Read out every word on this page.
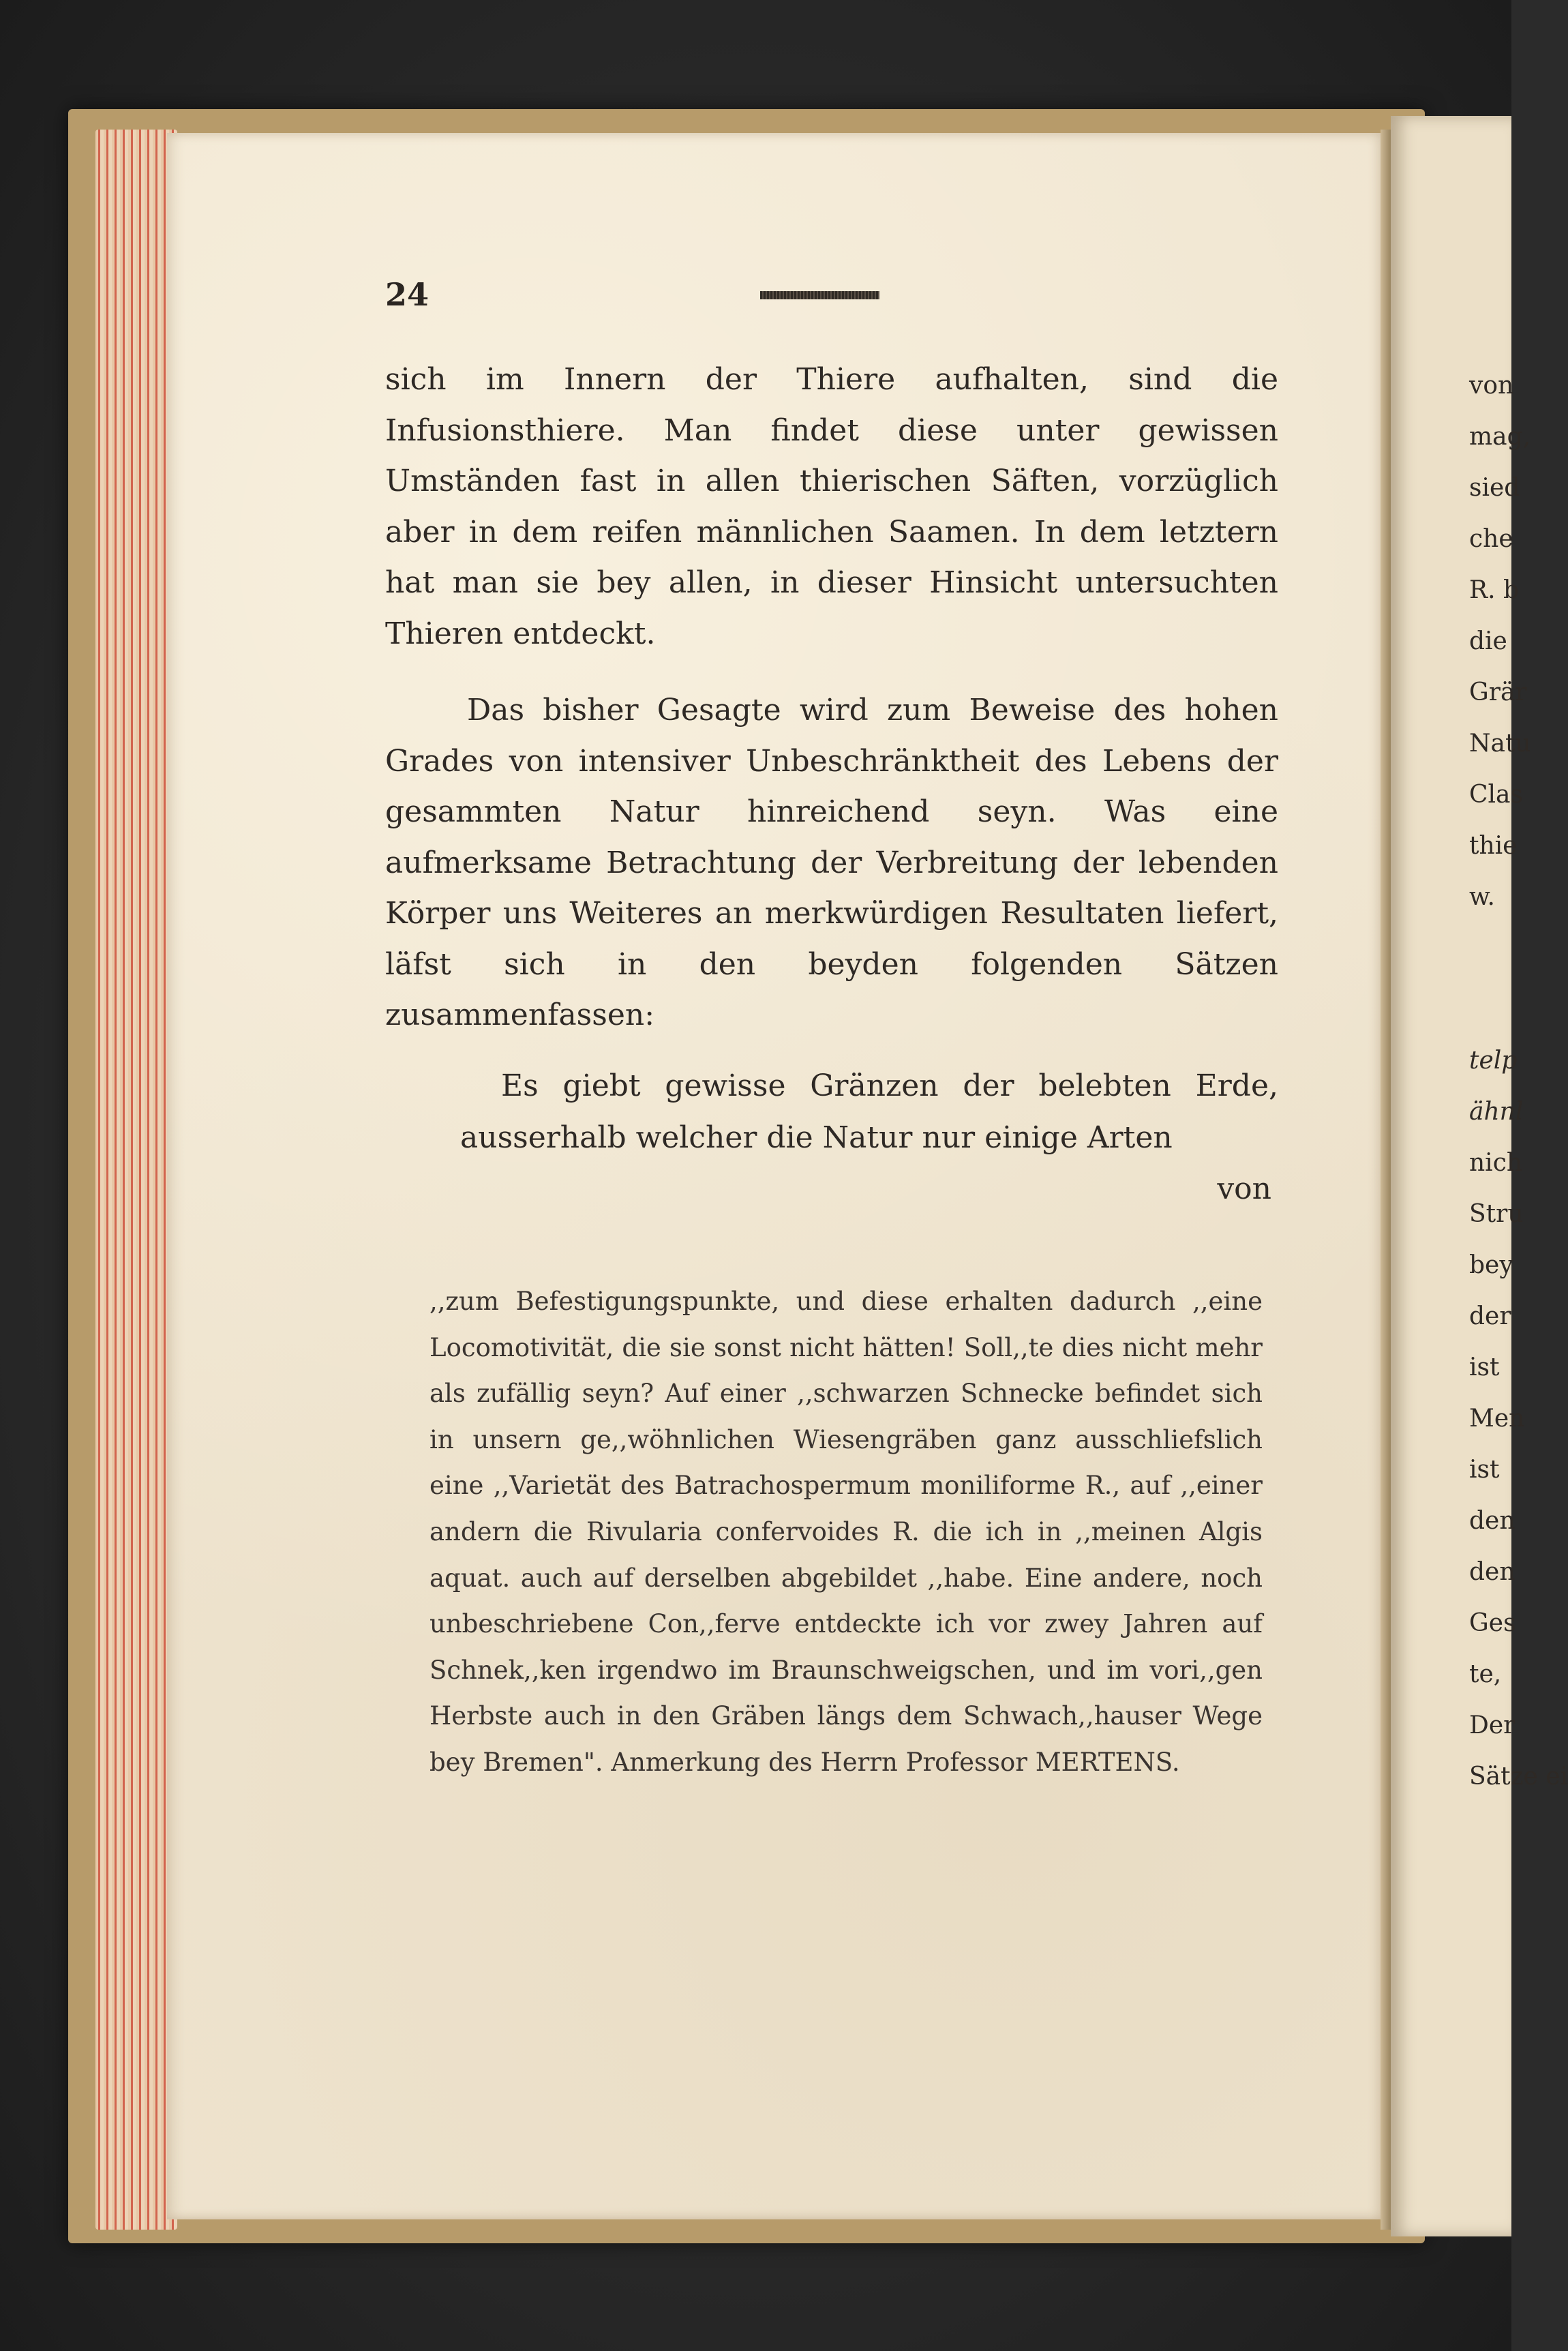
von
mag,
sied
che
R. b
die
Grär
Natu
Clas
thie
w.
telp
ähnl
nich
Stru
bey
der
ist
Men
ist
den
den
Ges
te,
Der
Sätze ei
24

sich im Innern der Thiere aufhalten, sind die Infusionsthiere. Man findet diese unter gewissen Umständen fast in allen thierischen Säften, vorzüglich aber in dem reifen männlichen Saamen. In dem letztern hat man sie bey allen, in dieser Hinsicht untersuchten Thieren entdeckt.

Das bisher Gesagte wird zum Beweise des hohen Grades von intensiver Unbeschränktheit des Lebens der gesammten Natur hinreichend seyn. Was eine aufmerksame Betrachtung der Verbreitung der lebenden Körper uns Weiteres an merkwürdigen Resultaten liefert, läfst sich in den beyden folgenden Sätzen zusammenfassen:

Es giebt gewisse Gränzen der belebten Erde, ausserhalb welcher die Natur nur einige Arten

von

,,zum Befestigungspunkte, und diese erhalten dadurch ,,eine Locomotivität, die sie sonst nicht hätten! Soll,,te dies nicht mehr als zufällig seyn? Auf einer ,,schwarzen Schnecke befindet sich in unsern ge,,wöhnlichen Wiesengräben ganz ausschliefslich eine ,,Varietät des Batrachospermum moniliforme R., auf ,,einer andern die Rivularia confervoides R. die ich in ,,meinen Algis aquat. auch auf derselben abgebildet ,,habe. Eine andere, noch unbeschriebene Con,,ferve entdeckte ich vor zwey Jahren auf Schnek,,ken irgendwo im Braunschweigschen, und im vori,,gen Herbste auch in den Gräben längs dem Schwach,,hauser Wege bey Bremen". Anmerkung des Herrn Professor MERTENS.
